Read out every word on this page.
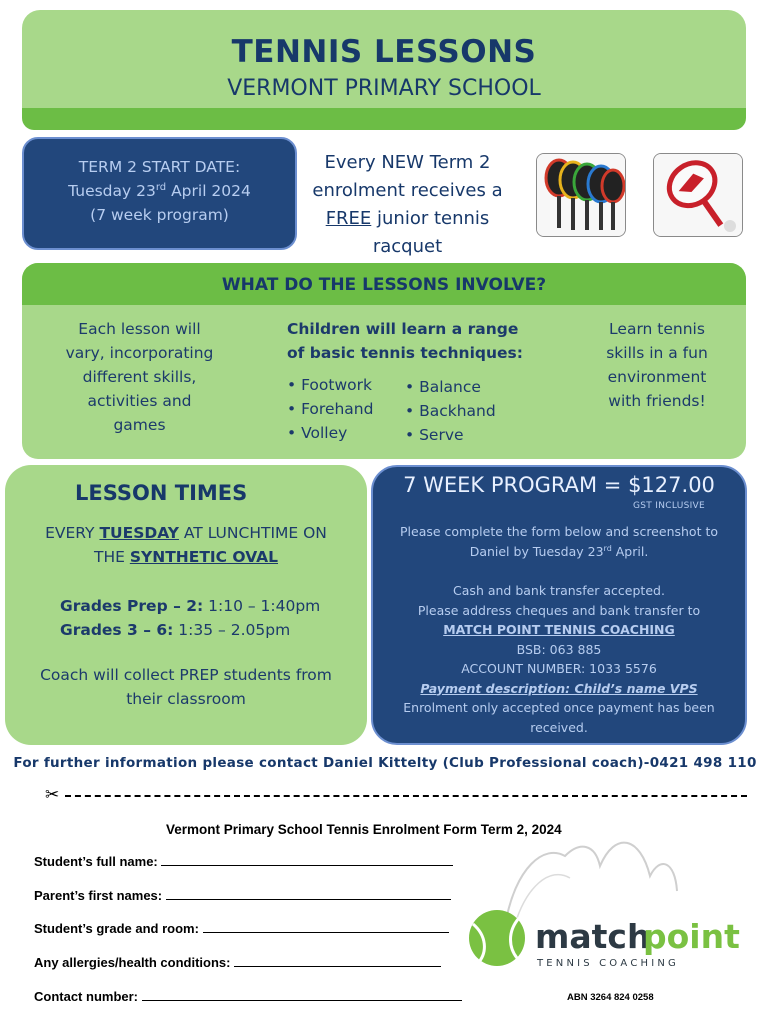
TENNIS LESSONS
VERMONT PRIMARY SCHOOL
TERM 2 START DATE:
Tuesday 23rd April 2024
(7 week program)
Every NEW Term 2
enrolment receives a
FREE junior tennis
racquet
WHAT DO THE LESSONS INVOLVE?
Each lesson will
vary, incorporating
different skills,
activities and
games
Children will learn a range
of basic tennis techniques:
• Footwork
• Forehand
• Volley
• Balance
• Backhand
• Serve
Learn tennis
skills in a fun
environment
with friends!
LESSON TIMES
EVERY TUESDAY AT LUNCHTIME ON
THE SYNTHETIC OVAL
Grades Prep – 2: 1:10 – 1:40pm
Grades 3 – 6: 1:35 – 2.05pm
Coach will collect PREP students from
their classroom
7 WEEK PROGRAM = $127.00
GST INCLUSIVE
Please complete the form below and screenshot to
Daniel by Tuesday 23rd April.
Cash and bank transfer accepted.
Please address cheques and bank transfer to
MATCH POINT TENNIS COACHING
BSB: 063 885
ACCOUNT NUMBER: 1033 5576
Payment description: Child’s name VPS
Enrolment only accepted once payment has been
received.
For further information please contact Daniel Kittelty (Club Professional coach)-0421 498 110
✂
Vermont Primary School Tennis Enrolment Form Term 2, 2024
Student’s full name:
Parent’s first names:
Student’s grade and room:
Any allergies/health conditions:
Contact number:
match
point
T E N N I S   C O A C H I N G
ABN 3264 824 0258
